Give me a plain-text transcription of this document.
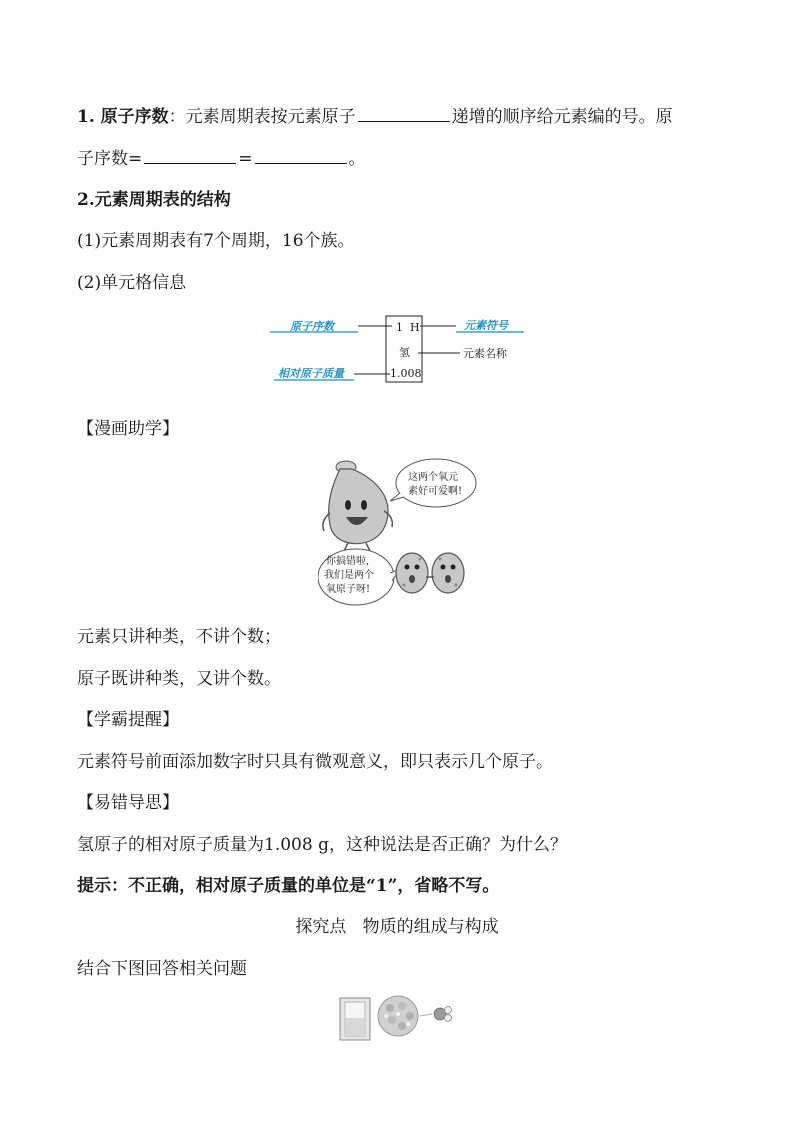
1. 原子序数：元素周期表按元素原子	递增的顺序给元素编的号。原
子序数=	=	。
2.元素周期表的结构
(1)元素周期表有7个周期，16个族。
(2)单元格信息
1  H
氢
1.008
原子序数
相对原子质量
元素符号
元素名称
【漫画助学】
这两个氧元
素好可爱啊!
你搞错啦,
我们是两个
氧原子呀!
元素只讲种类，不讲个数；
原子既讲种类，又讲个数。
【学霸提醒】
元素符号前面添加数字时只具有微观意义，即只表示几个原子。
【易错导思】
氢原子的相对原子质量为1.008 g，这种说法是否正确？为什么？
提示：不正确，相对原子质量的单位是“1”，省略不写。
探究点   物质的组成与构成
结合下图回答相关问题
